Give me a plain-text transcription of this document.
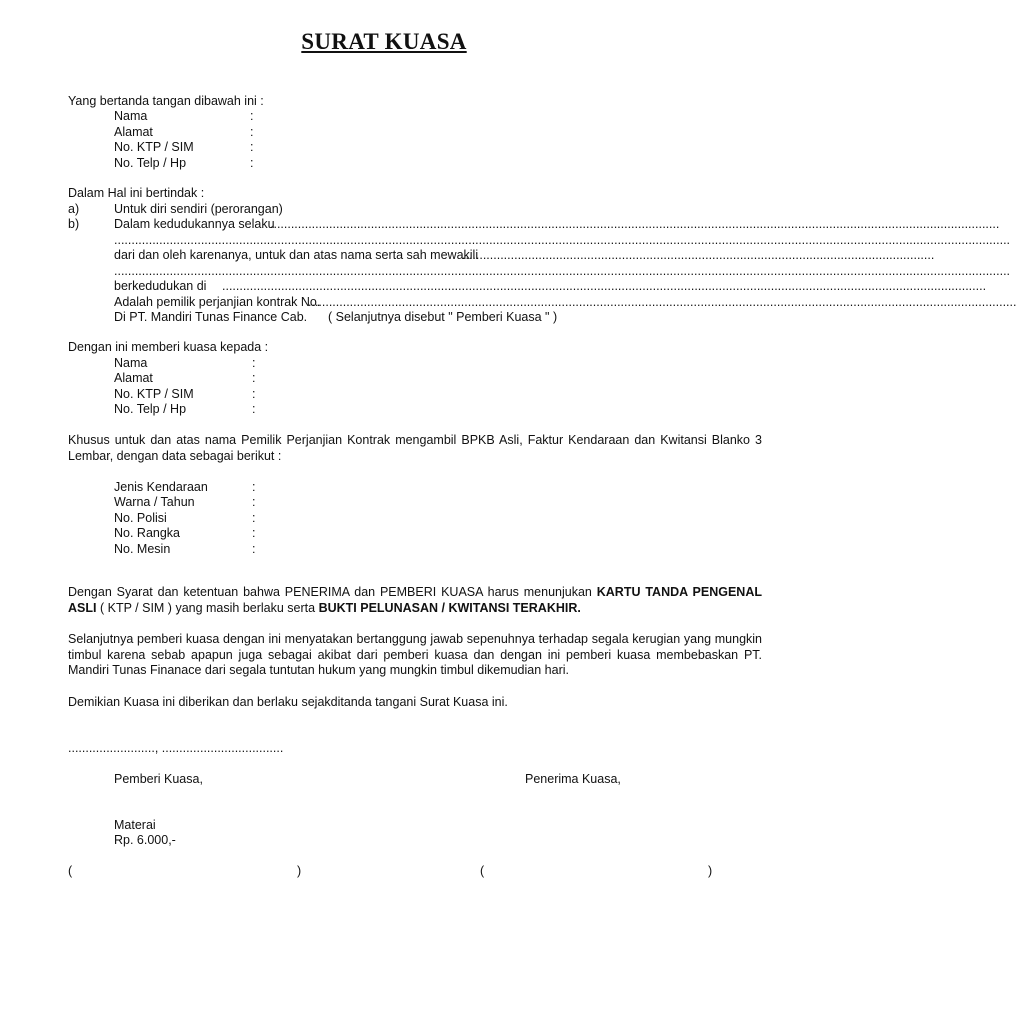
SURAT KUASA
Yang bertanda tangan dibawah ini :
Nama	:
Alamat	:
No. KTP / SIM	:
No. Telp / Hp	:
Dalam Hal ini bertindak :
a)	Untuk diri sendiri (perorangan)
b)	Dalam kedudukannya selaku
..................................................................................................................................................................................................................
..................................................................................................................................................................................................................................................................
dari dan oleh karenanya, untuk dan atas nama serta sah mewakili
........................................................................................................................................
..................................................................................................................................................................................................................................................................
berkedudukan di ............................................................................................................................................................................................................................
Adalah pemilik perjanjian kontrak No.
............................................................................................................................................................................................................
Di PT. Mandiri Tunas Finance Cab. ( Selanjutnya disebut " Pemberi Kuasa " )
Dengan ini memberi kuasa kepada :
Nama	:
Alamat	:
No. KTP / SIM	:
No. Telp / Hp	:

Khusus untuk dan atas nama Pemilik Perjanjian Kontrak mengambil BPKB Asli, Faktur Kendaraan dan Kwitansi Blanko 3 Lembar, dengan data sebagai berikut :

Jenis Kendaraan	:
Warna / Tahun	:
No. Polisi	:
No. Rangka	:
No. Mesin	:

Dengan Syarat dan ketentuan bahwa PENERIMA dan PEMBERI KUASA harus menunjukan KARTU TANDA PENGENAL ASLI ( KTP / SIM ) yang masih berlaku serta BUKTI PELUNASAN / KWITANSI TERAKHIR.

Selanjutnya pemberi kuasa dengan ini menyatakan bertanggung jawab sepenuhnya terhadap segala kerugian yang mungkin timbul karena sebab apapun juga sebagai akibat dari pemberi kuasa dan dengan ini pemberi kuasa membebaskan PT. Mandiri Tunas Finanace dari segala tuntutan hukum yang mungkin timbul dikemudian hari.

Demikian Kuasa ini diberikan dan berlaku sejakditanda tangani Surat Kuasa ini.
........................., ...................................
Pemberi Kuasa,	Penerima Kuasa,
Materai
Rp. 6.000,-
(	)	(	)
